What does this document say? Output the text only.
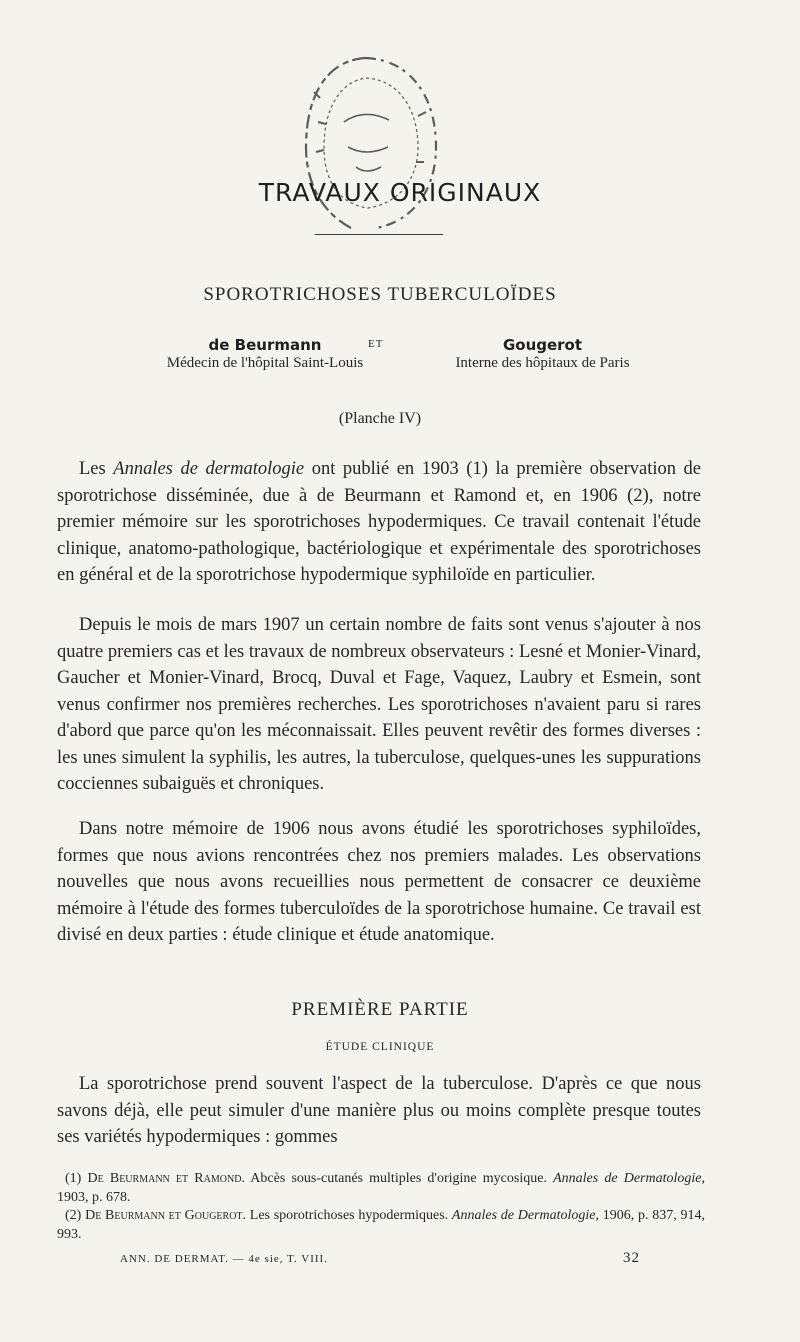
TRAVAUX ORIGINAUX
SPOROTRICHOSES TUBERCULOÏDES
de Beurmann
Médecin de l'hôpital Saint-Louis
ET	Gougerot
Interne des hôpitaux de Paris
(Planche IV)

Les Annales de dermatologie ont publié en 1903 (1) la première observation de sporotrichose disséminée, due à de Beurmann et Ramond et, en 1906 (2), notre premier mémoire sur les sporotrichoses hypodermiques. Ce travail contenait l'étude clinique, anatomo-pathologique, bactériologique et expérimentale des sporotrichoses en général et de la sporotrichose hypodermique syphiloïde en particulier.

Depuis le mois de mars 1907 un certain nombre de faits sont venus s'ajouter à nos quatre premiers cas et les travaux de nombreux observateurs : Lesné et Monier-Vinard, Gaucher et Monier-Vinard, Brocq, Duval et Fage, Vaquez, Laubry et Esmein, sont venus confirmer nos premières recherches. Les sporotrichoses n'avaient paru si rares d'abord que parce qu'on les méconnaissait. Elles peuvent revêtir des formes diverses : les unes simulent la syphilis, les autres, la tuberculose, quelques-unes les suppurations cocciennes subaiguës et chroniques.

Dans notre mémoire de 1906 nous avons étudié les sporotrichoses syphiloïdes, formes que nous avions rencontrées chez nos premiers malades. Les observations nouvelles que nous avons recueillies nous permettent de consacrer ce deuxième mémoire à l'étude des formes tuberculoïdes de la sporotrichose humaine. Ce travail est divisé en deux parties : étude clinique et étude anatomique.

PREMIÈRE PARTIE
ÉTUDE CLINIQUE

La sporotrichose prend souvent l'aspect de la tuberculose. D'après ce que nous savons déjà, elle peut simuler d'une manière plus ou moins complète presque toutes ses variétés hypodermiques : gommes

(1) De Beurmann et Ramond. Abcès sous-cutanés multiples d'origine mycosique. Annales de Dermatologie, 1903, p. 678.

(2) De Beurmann et Gougerot. Les sporotrichoses hypodermiques. Annales de Dermatologie, 1906, p. 837, 914, 993.

ANN. DE DERMAT. — 4e sie, T. VIII.	32
